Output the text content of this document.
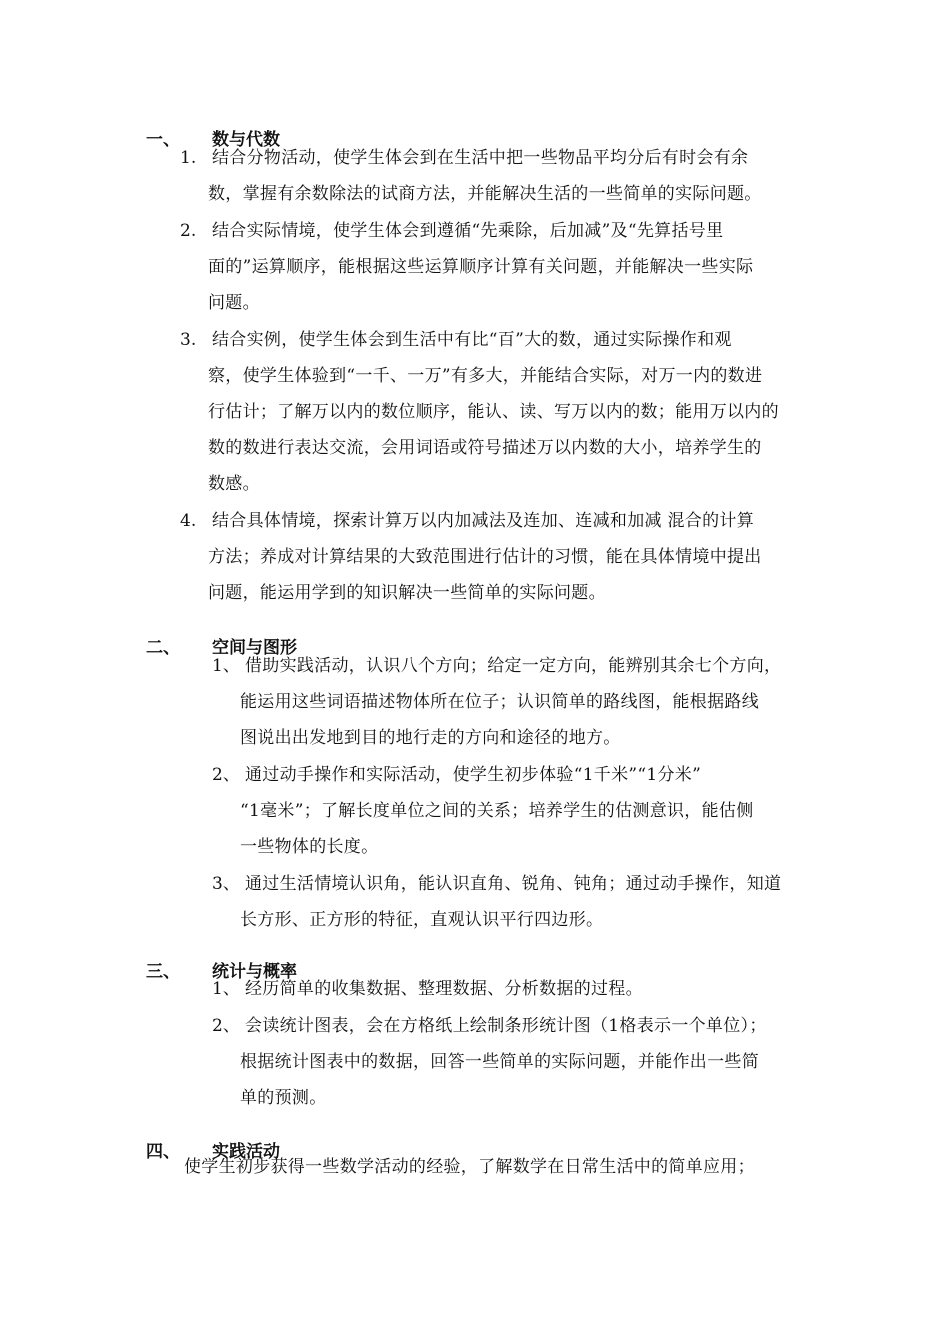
一、	数与代数
1. 结合分物活动，使学生体会到在生活中把一些物品平均分后有时会有余
数，掌握有余数除法的试商方法，并能解决生活的一些简单的实际问题。
2. 结合实际情境，使学生体会到遵循“先乘除，后加减”及“先算括号里
面的”运算顺序，能根据这些运算顺序计算有关问题，并能解决一些实际
问题。
3. 结合实例，使学生体会到生活中有比“百”大的数，通过实际操作和观
察，使学生体验到“一千、一万”有多大，并能结合实际，对万一内的数进
行估计；了解万以内的数位顺序，能认、读、写万以内的数；能用万以内的
数的数进行表达交流，会用词语或符号描述万以内数的大小，培养学生的
数感。
4. 结合具体情境，探索计算万以内加减法及连加、连减和加减 混合的计算
方法；养成对计算结果的大致范围进行估计的习惯，能在具体情境中提出
问题，能运用学到的知识解决一些简单的实际问题。
二、	空间与图形
1、 借助实践活动，认识八个方向；给定一定方向，能辨别其余七个方向，
能运用这些词语描述物体所在位子；认识简单的路线图，能根据路线
图说出出发地到目的地行走的方向和途径的地方。
2、 通过动手操作和实际活动，使学生初步体验“1千米”“1分米”
“1毫米”；了解长度单位之间的关系；培养学生的估测意识，能估侧
一些物体的长度。
3、 通过生活情境认识角，能认识直角、锐角、钝角；通过动手操作，知道
长方形、正方形的特征，直观认识平行四边形。
三、	统计与概率
1、 经历简单的收集数据、整理数据、分析数据的过程。
2、 会读统计图表，会在方格纸上绘制条形统计图（1格表示一个单位）；
根据统计图表中的数据，回答一些简单的实际问题，并能作出一些简
单的预测。
四、	实践活动
使学生初步获得一些数学活动的经验，了解数学在日常生活中的简单应用；
